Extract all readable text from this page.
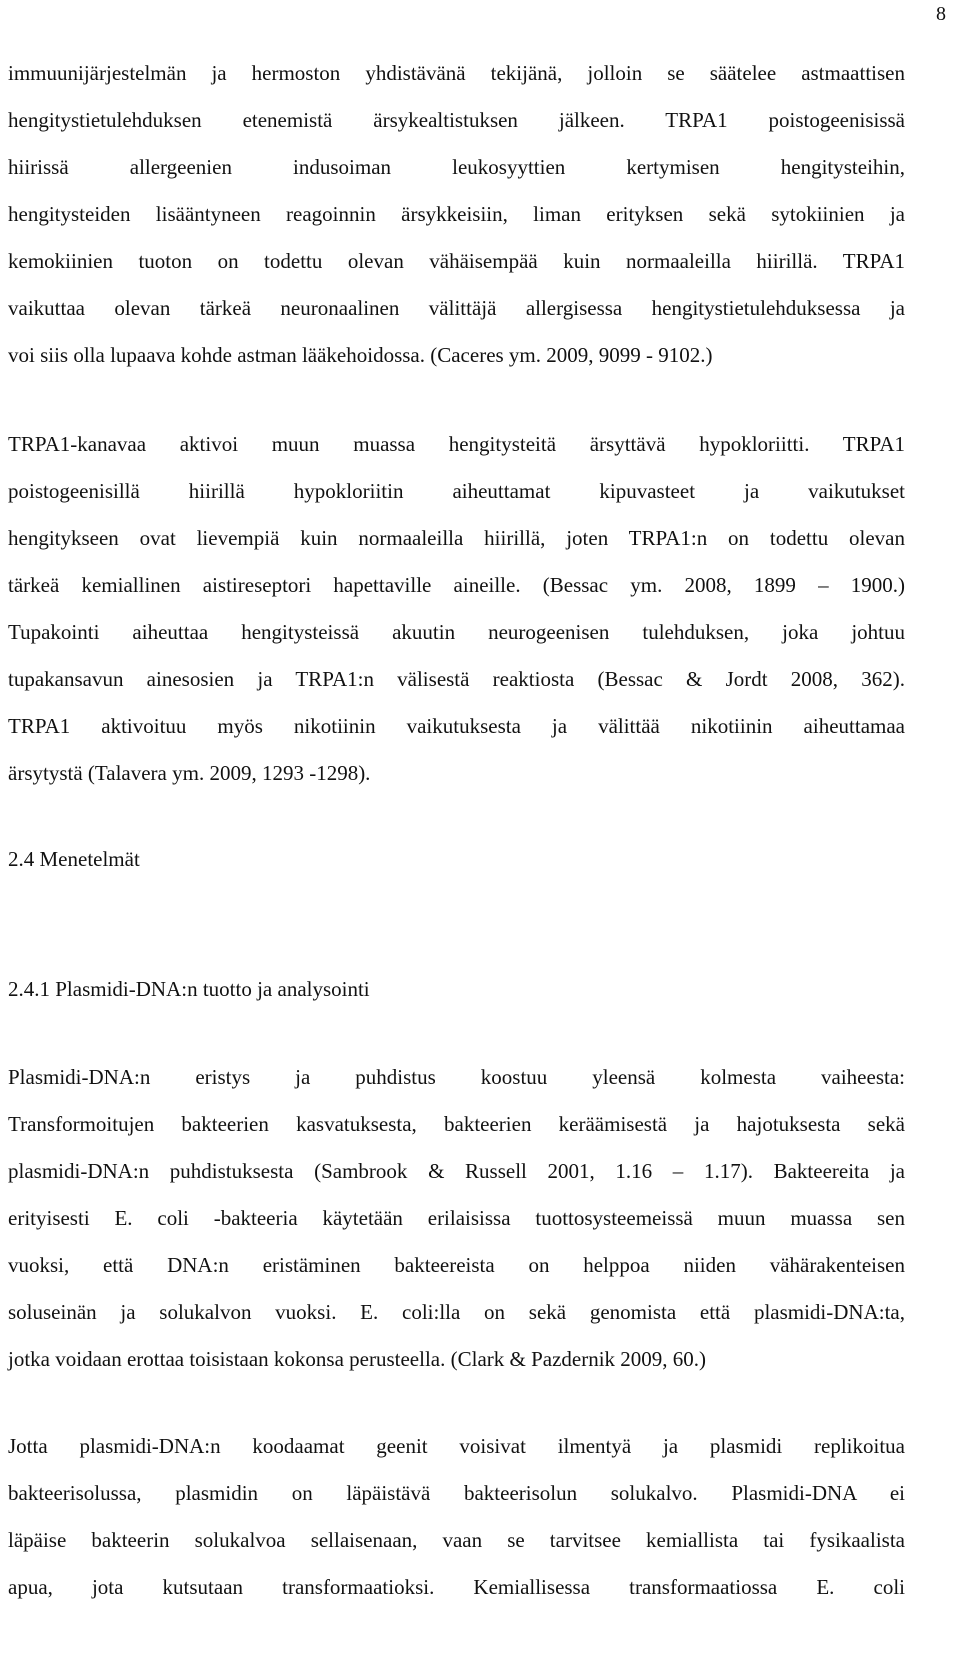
8
immuunijärjestelmän ja hermoston yhdistävänä tekijänä, jolloin se säätelee astmaattisen
hengitystietulehduksen etenemistä ärsykealtistuksen jälkeen. TRPA1 poistogeenisissä
hiirissä allergeenien indusoiman leukosyyttien kertymisen hengitysteihin,
hengitysteiden lisääntyneen reagoinnin ärsykkeisiin, liman erityksen sekä sytokiinien ja
kemokiinien tuoton on todettu olevan vähäisempää kuin normaaleilla hiirillä. TRPA1
vaikuttaa olevan tärkeä neuronaalinen välittäjä allergisessa hengitystietulehduksessa ja
voi siis olla lupaava kohde astman lääkehoidossa. (Caceres ym. 2009, 9099 - 9102.)
TRPA1-kanavaa aktivoi muun muassa hengitysteitä ärsyttävä hypokloriitti. TRPA1
poistogeenisillä hiirillä hypokloriitin aiheuttamat kipuvasteet ja vaikutukset
hengitykseen ovat lievempiä kuin normaaleilla hiirillä, joten TRPA1:n on todettu olevan
tärkeä kemiallinen aistireseptori hapettaville aineille. (Bessac ym. 2008, 1899 – 1900.)
Tupakointi aiheuttaa hengitysteissä akuutin neurogeenisen tulehduksen, joka johtuu
tupakansavun ainesosien ja TRPA1:n välisestä reaktiosta (Bessac & Jordt 2008, 362).
TRPA1 aktivoituu myös nikotiinin vaikutuksesta ja välittää nikotiinin aiheuttamaa
ärsytystä (Talavera ym. 2009, 1293 -1298).
2.4 Menetelmät
2.4.1 Plasmidi-DNA:n tuotto ja analysointi
Plasmidi-DNA:n eristys ja puhdistus koostuu yleensä kolmesta vaiheesta:
Transformoitujen bakteerien kasvatuksesta, bakteerien keräämisestä ja hajotuksesta sekä
plasmidi-DNA:n puhdistuksesta (Sambrook & Russell 2001, 1.16 – 1.17). Bakteereita ja
erityisesti E. coli -bakteeria käytetään erilaisissa tuottosysteemeissä muun muassa sen
vuoksi, että DNA:n eristäminen bakteereista on helppoa niiden vähärakenteisen
soluseinän ja solukalvon vuoksi. E. coli:lla on sekä genomista että plasmidi-DNA:ta,
jotka voidaan erottaa toisistaan kokonsa perusteella. (Clark & Pazdernik 2009, 60.)
Jotta plasmidi-DNA:n koodaamat geenit voisivat ilmentyä ja plasmidi replikoitua
bakteerisolussa, plasmidin on läpäistävä bakteerisolun solukalvo. Plasmidi-DNA ei
läpäise bakteerin solukalvoa sellaisenaan, vaan se tarvitsee kemiallista tai fysikaalista
apua, jota kutsutaan transformaatioksi. Kemiallisessa transformaatiossa E. coli
